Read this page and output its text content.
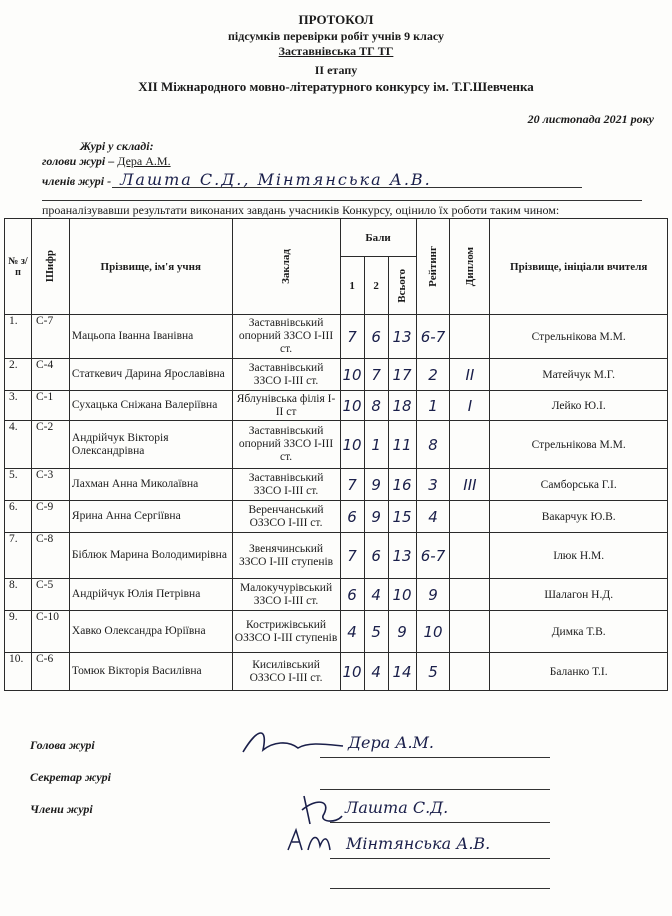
ПРОТОКОЛ
підсумків перевірки робіт учнів 9 класу
Заставнівська ТГ ТГ
ІІ етапу
ХІІ Міжнародного мовно-літературного конкурсу ім. Т.Г.Шевченка
20 листопада 2021 року
Журі у складі:
голови журі – Дера А.М.
членів журі - Лашта С.Д., Мінтянська А.В.
проаналізувавши результати виконаних завдань учасників Конкурсу, оцінило їх роботи таким чином:
№ з/п	Шифр	Прізвище, ім'я учня	Заклад	Бали			Рейтинг	Диплом	Прізвище, ініціали вчителя
				1	2	Всього			

1.	С-7	Мацьопа Іванна Іванівна	Заставнівський опорний ЗЗСО І-ІІІ ст.	7	6	13	6-7		Стрельнікова М.М.
2.	С-4	Статкевич Дарина Ярославівна	Заставнівський ЗЗСО І-ІІІ ст.	10	7	17	2	ІІ	Матейчук М.Г.
3.	С-1	Сухацька Сніжана Валеріївна	Яблунівська філія І-ІІ ст	10	8	18	1	І	Лейко Ю.І.
4.	С-2	Андрійчук Вікторія Олександрівна	Заставнівський опорний ЗЗСО І-ІІІ ст.	10	1	11	8		Стрельнікова М.М.
5.	С-3	Лахман Анна Миколаївна	Заставнівський ЗЗСО І-ІІІ ст.	7	9	16	3	ІІІ	Самборська Г.І.
6.	С-9	Ярина Анна Сергіївна	Веренчанський ОЗЗСО І-ІІІ ст.	6	9	15	4		Вакарчук Ю.В.
7.	С-8	Біблюк Марина Володимирівна	Звенячинський ЗЗСО І-ІІІ ступенів	7	6	13	6-7		Ілюк Н.М.
8.	С-5	Андрійчук Юлія Петрівна	Малокучурівський ЗЗСО І-ІІІ ст.	6	4	10	9		Шалагон Н.Д.
9.	С-10	Хавко Олександра Юріївна	Кострижівський ОЗЗСО І-ІІІ ступенів	4	5	9	10		Димка Т.В.
10.	С-6	Томюк Вікторія Василівна	Кисилівський ОЗЗСО І-ІІІ ст.	10	4	14	5		Баланко Т.І.
Голова журі	Дера А.М.
Секретар журі
Члени журі	Лашта С.Д.
Мінтянська А.В.
